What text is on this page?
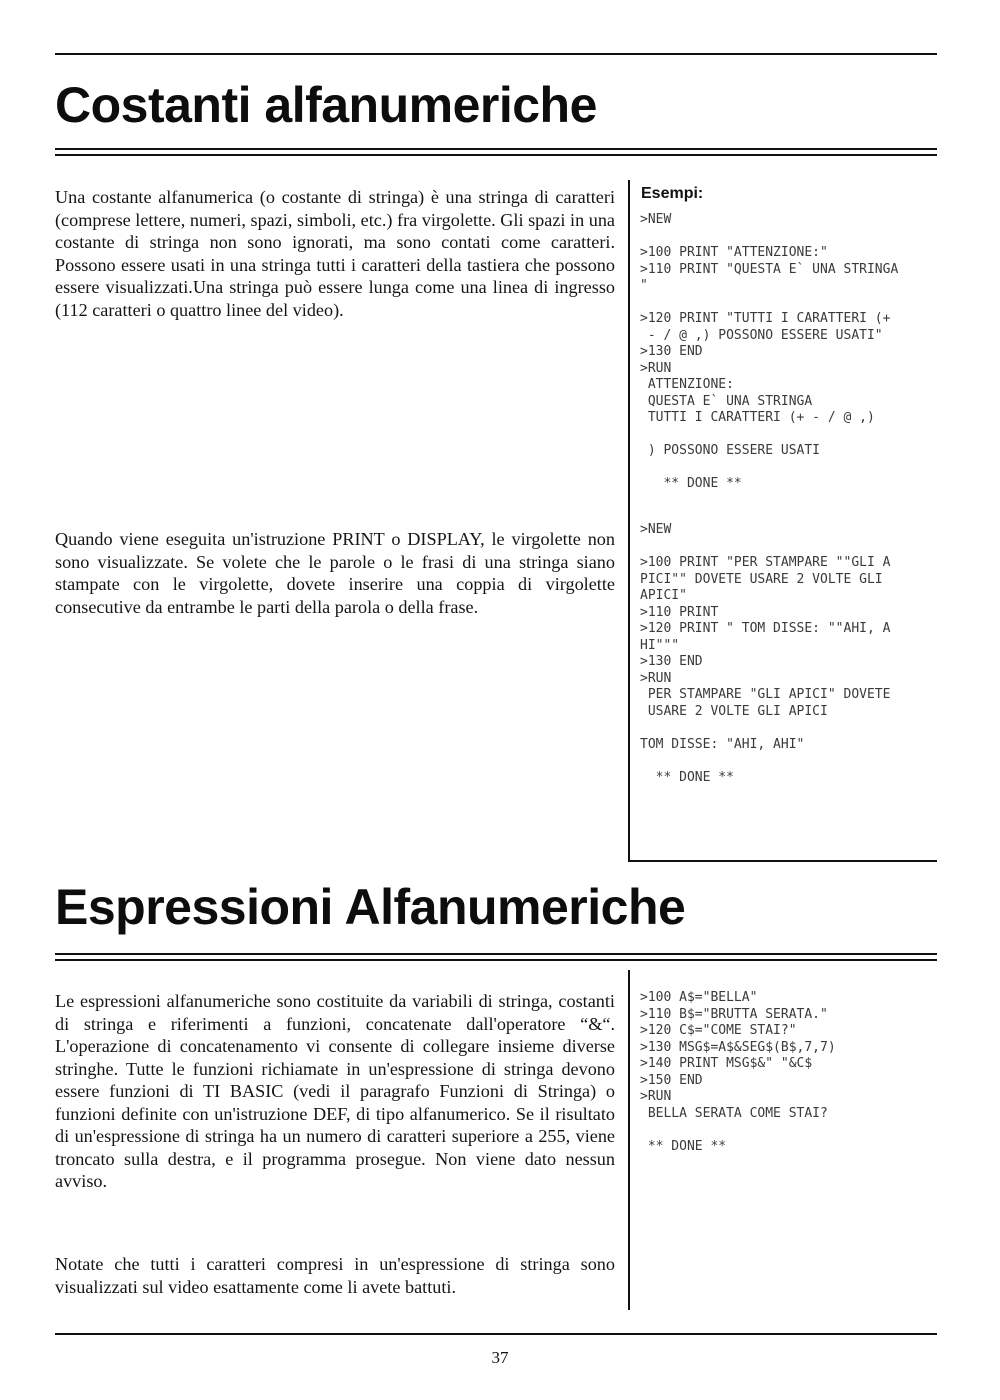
Costanti alfanumeriche

Una costante alfanumerica (o costante di stringa) è una stringa di caratteri (comprese lettere, numeri, spazi, simboli, etc.) fra virgolette. Gli spazi in una costante di stringa non sono ignorati, ma sono contati come caratteri. Possono essere usati in una stringa tutti i caratteri della tastiera che possono essere visualizzati.Una stringa può essere lunga come una linea di ingresso (112 caratteri o quattro linee del video).

Esempi:
>NEW

>100 PRINT "ATTENZIONE:"
>110 PRINT "QUESTA E` UNA STRINGA
"

>120 PRINT "TUTTI I CARATTERI (+
- / @ ,) POSSONO ESSERE USATI"
>130 END
>RUN
ATTENZIONE:
QUESTA E` UNA STRINGA
TUTTI I CARATTERI (+ - / @ ,)

) POSSONO ESSERE USATI

** DONE **

Quando viene eseguita un'istruzione PRINT o DISPLAY, le virgolette non sono visualizzate. Se volete che le parole o le frasi di una stringa siano stampate con le virgolette, dovete inserire una coppia di virgolette consecutive da entrambe le parti della parola o della frase.

>NEW

>100 PRINT "PER STAMPARE ""GLI A
PICI"" DOVETE USARE 2 VOLTE GLI
APICI"
>110 PRINT
>120 PRINT " TOM DISSE: ""AHI, A
HI"""
>130 END
>RUN
PER STAMPARE "GLI APICI" DOVETE
USARE 2 VOLTE GLI APICI

TOM DISSE: "AHI, AHI"

** DONE **
Espressioni Alfanumeriche

Le espressioni alfanumeriche sono costituite da variabili di stringa, costanti di stringa e riferimenti a funzioni, concatenate dall'operatore “&“. L'operazione di concatenamento vi consente di collegare insieme diverse stringhe. Tutte le funzioni richiamate in un'espressione di stringa devono essere funzioni di TI BASIC (vedi il paragrafo Funzioni di Stringa) o funzioni definite con un'istruzione DEF, di tipo alfanumerico. Se il risultato di un'espressione di stringa ha un numero di caratteri superiore a 255, viene troncato sulla destra, e il programma prosegue. Non viene dato nessun avviso.

>100 A$="BELLA"
>110 B$="BRUTTA SERATA."
>120 C$="COME STAI?"
>130 MSG$=A$&SEG$(B$,7,7)
>140 PRINT MSG$&" "&C$
>150 END
>RUN
BELLA SERATA COME STAI?

** DONE **

Notate che tutti i caratteri compresi in un'espressione di stringa sono visualizzati sul video esattamente come li avete battuti.

37
